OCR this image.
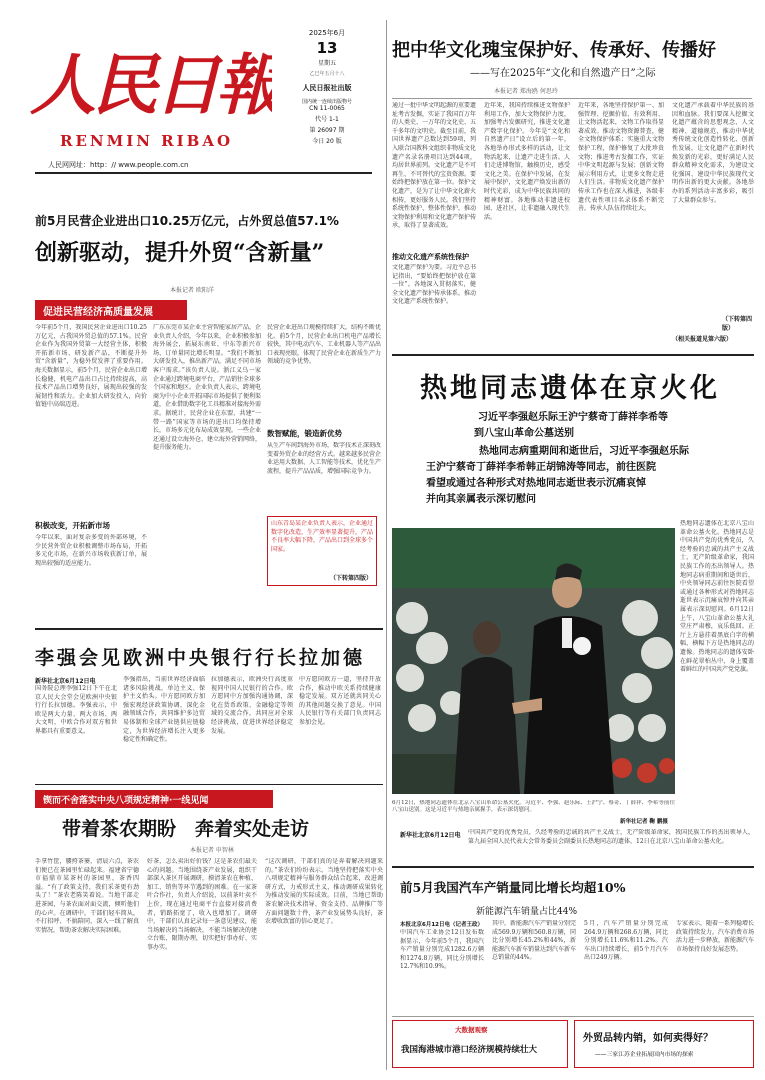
人民日報
RENMIN RIBAO
人民网网址：http：// www.people.com.cn
2025年6月
13
星期五
乙巳年五月十八
人民日报社出版
国内统一连续出版物号
CN 11-0065
代号 1-1
第 26097 期
今日 20 版
把中华文化瑰宝保护好、传承好、传播好
——写在2025年“文化和自然遗产日”之际
本报记者 郑海鸥 何思玲
通过一批中华文明起源的重要遗址考古发掘，实证了我国百万年的人类史、一万年的文化史、五千多年的文明史。截至目前，我国世界遗产总数达到59项，列入联合国教科文组织非物质文化遗产名录名册项目达到44项，均居世界前列。文化遗产是不可再生、不可替代的宝贵资源。要始终把保护放在第一位。保护文化遗产，是为了让中华文化薪火相传，更好服务人民。我们坚持系统性保护、整体性保护，推动文物保护利用和文化遗产保护传承，取得了显著成效。
推动文化遗产系统性保护
文化遗产保护为要。习近平总书记指出，“要始终把保护放在第一位”。各地深入贯彻落实，健全文化遗产保护传承体系，推动文化遗产系统性保护。
近年来，我国持续推进文物保护利用工作，加大文物保护力度，加强考古发掘研究，推进文化遗产数字化保护。今年是“文化和自然遗产日”设立后的第一年，各地举办形式多样的活动，让文物活起来，让遗产走进生活。人们走进博物馆，触摸历史，感受文化之美。在保护中发展，在发展中保护，文化遗产焕发出新的时代光彩，成为中华民族共同的精神财富。各地推动非遗进校园、进社区，让非遗融入现代生活。
近年来，各地坚持保护第一、加强管理、挖掘价值、有效利用、让文物活起来，文物工作取得显著成效。推动文物资源普查，健全文物保护体系；实施重大文物保护工程，保护修复了大批珍贵文物；推进考古发掘工作，实证中华文明起源与发展；创新文物展示利用方式，让更多文物走进人们生活。非物质文化遗产保护传承工作也在深入推进，各级非遗代表性项目名录体系不断完善，传承人队伍持续壮大。
文化遗产承载着中华民族的基因和血脉。我们要深入挖掘文化遗产蕴含的思想观念、人文精神、道德规范，推动中华优秀传统文化创造性转化、创新性发展，让文化遗产在新时代焕发新的光彩，更好满足人民群众精神文化需求，为建设文化强国、建设中华民族现代文明作出新的更大贡献。各地举办的系列活动丰富多彩，吸引了大量群众参与。
（下转第四版）
（相关报道见第六版）
前5月民营企业进出口10.25万亿元，占外贸总值57.1%
创新驱动，提升外贸“含新量”
本报记者 欧阳洋
促进民营经济高质量发展
今年前5个月，我国民营企业进出口10.25万亿元，占我国外贸总值的57.1%。民营企业作为我国外贸第一大经营主体，积极开拓新市场、研发新产品，不断提升外贸“含新量”，为稳外贸发挥了重要作用。海关数据显示，前5个月，民营企业出口增长稳健，机电产品出口占比持续提高，高技术产品出口增势良好，展现出较强的发展韧性和活力。企业加大研发投入，向价值链中高端迈进。
积极改变，开拓新市场
今年以来，面对复杂多变的外部环境，不少民营外贸企业积极调整市场布局，开拓多元化市场，在新兴市场收获新订单，展现出较强的适应能力。
广东东莞市某企业主营智能家居产品，企业负责人介绍，今年以来，企业积极参加海外展会，拓展东南亚、中东等新兴市场，订单量同比增长明显。“我们不断加大研发投入，推出新产品，满足不同市场客户需求。”该负责人说。浙江义乌一家企业通过跨境电商平台，产品销往全球多个国家和地区。企业负责人表示，跨境电商为中小企业开拓国际市场提供了便利渠道，企业借助数字化工具精准对接海外需求。据统计，民营企业在东盟、共建“一带一路”国家等市场的进出口均保持增长，市场多元化布局成效显现。一些企业还通过设立海外仓、建立海外营销网络，提升服务能力。
数智赋能，锻造新优势
民营企业进出口规模持续扩大，结构不断优化。前5个月，民营企业出口机电产品增长较快，其中电动汽车、工业机器人等产品出口表现亮眼，体现了民营企业在新质生产力领域的竞争优势。
从生产车间到海外市场，数字技术正深刻改变着外贸企业的经营方式。越来越多民营企业运用大数据、人工智能等技术，优化生产流程，提升产品品质，增强国际竞争力。
山东青岛某企业负责人表示，企业通过数字化改造，生产效率显著提升，产品不良率大幅下降，产品出口到全球多个国家。
（下转第四版）
热地同志遗体在京火化
习近平李强赵乐际王沪宁蔡奇丁薛祥李希等
到八宝山革命公墓送别
热地同志病重期间和逝世后，习近平李强赵乐际
王沪宁蔡奇丁薛祥李希韩正胡锦涛等同志，前往医院
看望或通过各种形式对热地同志逝世表示沉痛哀悼
并向其亲属表示深切慰问
6月12日，热地同志遗体在北京八宝山革命公墓火化。习近平、李强、赵乐际、王沪宁、蔡奇、丁薛祥、李希等前往八宝山送别。这是习近平与热地亲属握手，表示深切慰问。
新华社记者 鞠 鹏摄
热地同志遗体在北京八宝山革命公墓火化。热地同志是中国共产党的优秀党员，久经考验的忠诚的共产主义战士，无产阶级革命家，我国民族工作的杰出领导人。热地同志病重期间和逝世后，中央领导同志前往医院看望或通过各种形式对热地同志逝世表示沉痛哀悼并向其亲属表示深切慰问。6月12日上午，八宝山革命公墓大礼堂庄严肃穆，哀乐低回。正厅上方悬挂着黑底白字的横幅，横幅下方是热地同志的遗像。热地同志的遗体安卧在鲜花翠柏丛中，身上覆盖着鲜红的中国共产党党旗。
新华社北京6月12日电 中国共产党的优秀党员，久经考验的忠诚的共产主义战士，无产阶级革命家，我国民族工作的杰出领导人，第九届全国人民代表大会常务委员会副委员长热地同志的遗体，12日在北京八宝山革命公墓火化。
李强会见欧洲中央银行行长拉加德
新华社北京6月12日电
国务院总理李强12日下午在北京人民大会堂会见欧洲中央银行行长拉加德。李强表示，中欧是两大力量、两大市场、两大文明，中欧合作对双方和世界都具有重要意义。
李强指出，当前世界经济面临诸多风险挑战，单边主义、保护主义抬头。中方愿同欧方加强宏观经济政策协调，深化金融领域合作，共同维护多边贸易体制和全球产业链供应链稳定，为世界经济增长注入更多稳定性和确定性。
拉加德表示，欧洲央行高度重视同中国人民银行的合作。欧方愿同中方加强沟通协调，深化在货币政策、金融稳定等领域的交流合作，共同应对全球经济挑战，促进世界经济稳定发展。
中方愿同欧方一道，坚持开放合作，推动中欧关系持续健康稳定发展。双方还就共同关心的其他问题交换了意见。中国人民银行等有关部门负责同志参加会见。
锲而不舍落实中央八项规定精神·一线见闻
带着茶农期盼　奔着实处走访
本报记者 申智林
手拿竹筐，腰挎茶篓，清晨六点，茶农们便已在茶园里忙碌起来。福建省宁德市福鼎市某茶村的茶园里，茶香四溢。“有了政策支持，我们采茶更有劲头了！”茶农老陈笑着说。当地干部走进茶园，与茶农面对面交流，倾听他们的心声。在调研中，干部们轻车简从，不打招呼、不搞陪同，深入一线了解真实情况，帮助茶农解决实际困难。
好茶，怎么卖出好价钱？这是茶农们最关心的问题。当地围绕茶产业发展，组织干部深入茶区开展调研，摸清茶农在种植、加工、销售等环节遇到的困难。在一家茶叶合作社，负责人介绍说，以前茶叶卖不上价，现在通过电商平台直接对接消费者，销路拓宽了，收入也增加了。调研中，干部们认真记录每一条意见建议，能当场解决的当场解决，不能当场解决的建立台账、限期办理，切实把好事办好、实事办实。
“这次调研，干部们真的是奔着解决问题来的。”茶农们纷纷表示。当地坚持把落实中央八项规定精神与服务群众结合起来，改进调研方式，力戒形式主义，推动调研成果转化为推动发展的实际成效。目前，当地已帮助茶农解决技术指导、资金支持、品牌推广等方面问题数十件，茶产业发展势头良好，茶农增收致富的信心更足了。
前5月我国汽车产销量同比增长均超10%
新能源汽车销量占比44%
本报北京6月12日电（记者王政）
中国汽车工业协会12日发布数据显示，今年前5个月，我国汽车产销量分别完成1282.6万辆和1274.8万辆，同比分别增长12.7%和10.9%。
其中，新能源汽车产销量分别完成569.9万辆和560.8万辆，同比分别增长45.2%和44%，新能源汽车新车销量达到汽车新车总销量的44%。
5月，汽车产销量分别完成264.9万辆和268.6万辆，同比分别增长11.6%和11.2%。汽车出口持续增长，前5个月汽车出口249万辆。
专家表示，随着一系列稳增长政策持续发力，汽车消费市场活力进一步释放，新能源汽车市场保持良好发展态势。
大数据观察
我国海港城市港口经济规模持续壮大
外贸品转内销，如何卖得好？
——三家江苏企业拓展国内市场的探索
